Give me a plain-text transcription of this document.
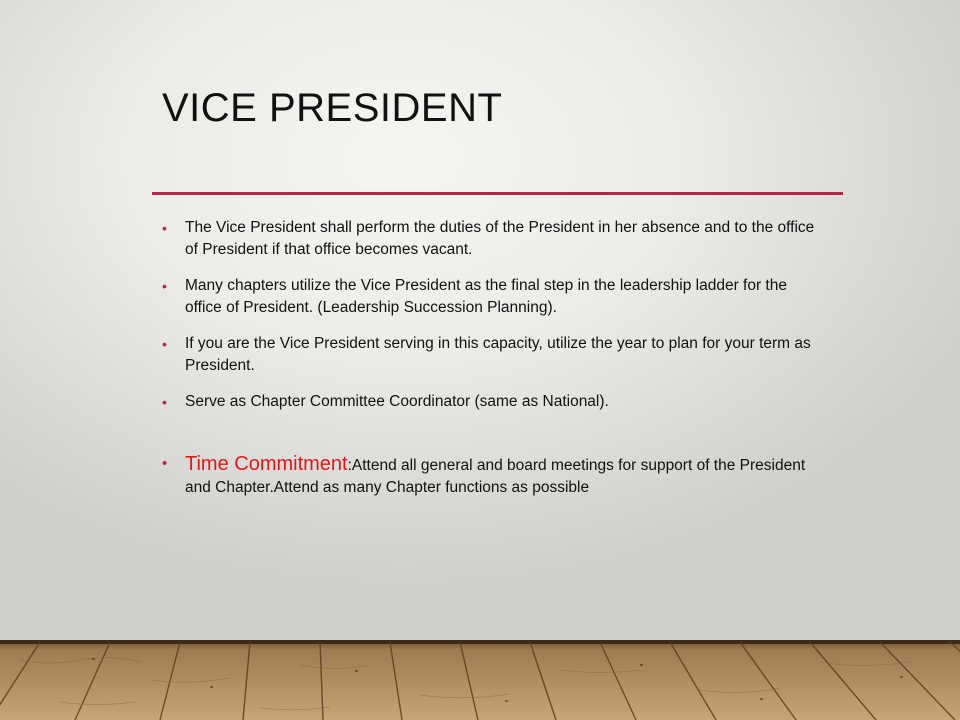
VICE PRESIDENT
• The Vice President shall perform the duties of the President in her absence and to the office of President if that office becomes vacant.
• Many chapters utilize the Vice President as the final step in the leadership ladder for the office of President. (Leadership Succession Planning).
• If you are the Vice President serving in this capacity, utilize the year to plan for your term as President.
• Serve as Chapter Committee Coordinator (same as National).
• Time Commitment:Attend all general and board meetings for support of the President and Chapter.Attend as many Chapter functions as possible
